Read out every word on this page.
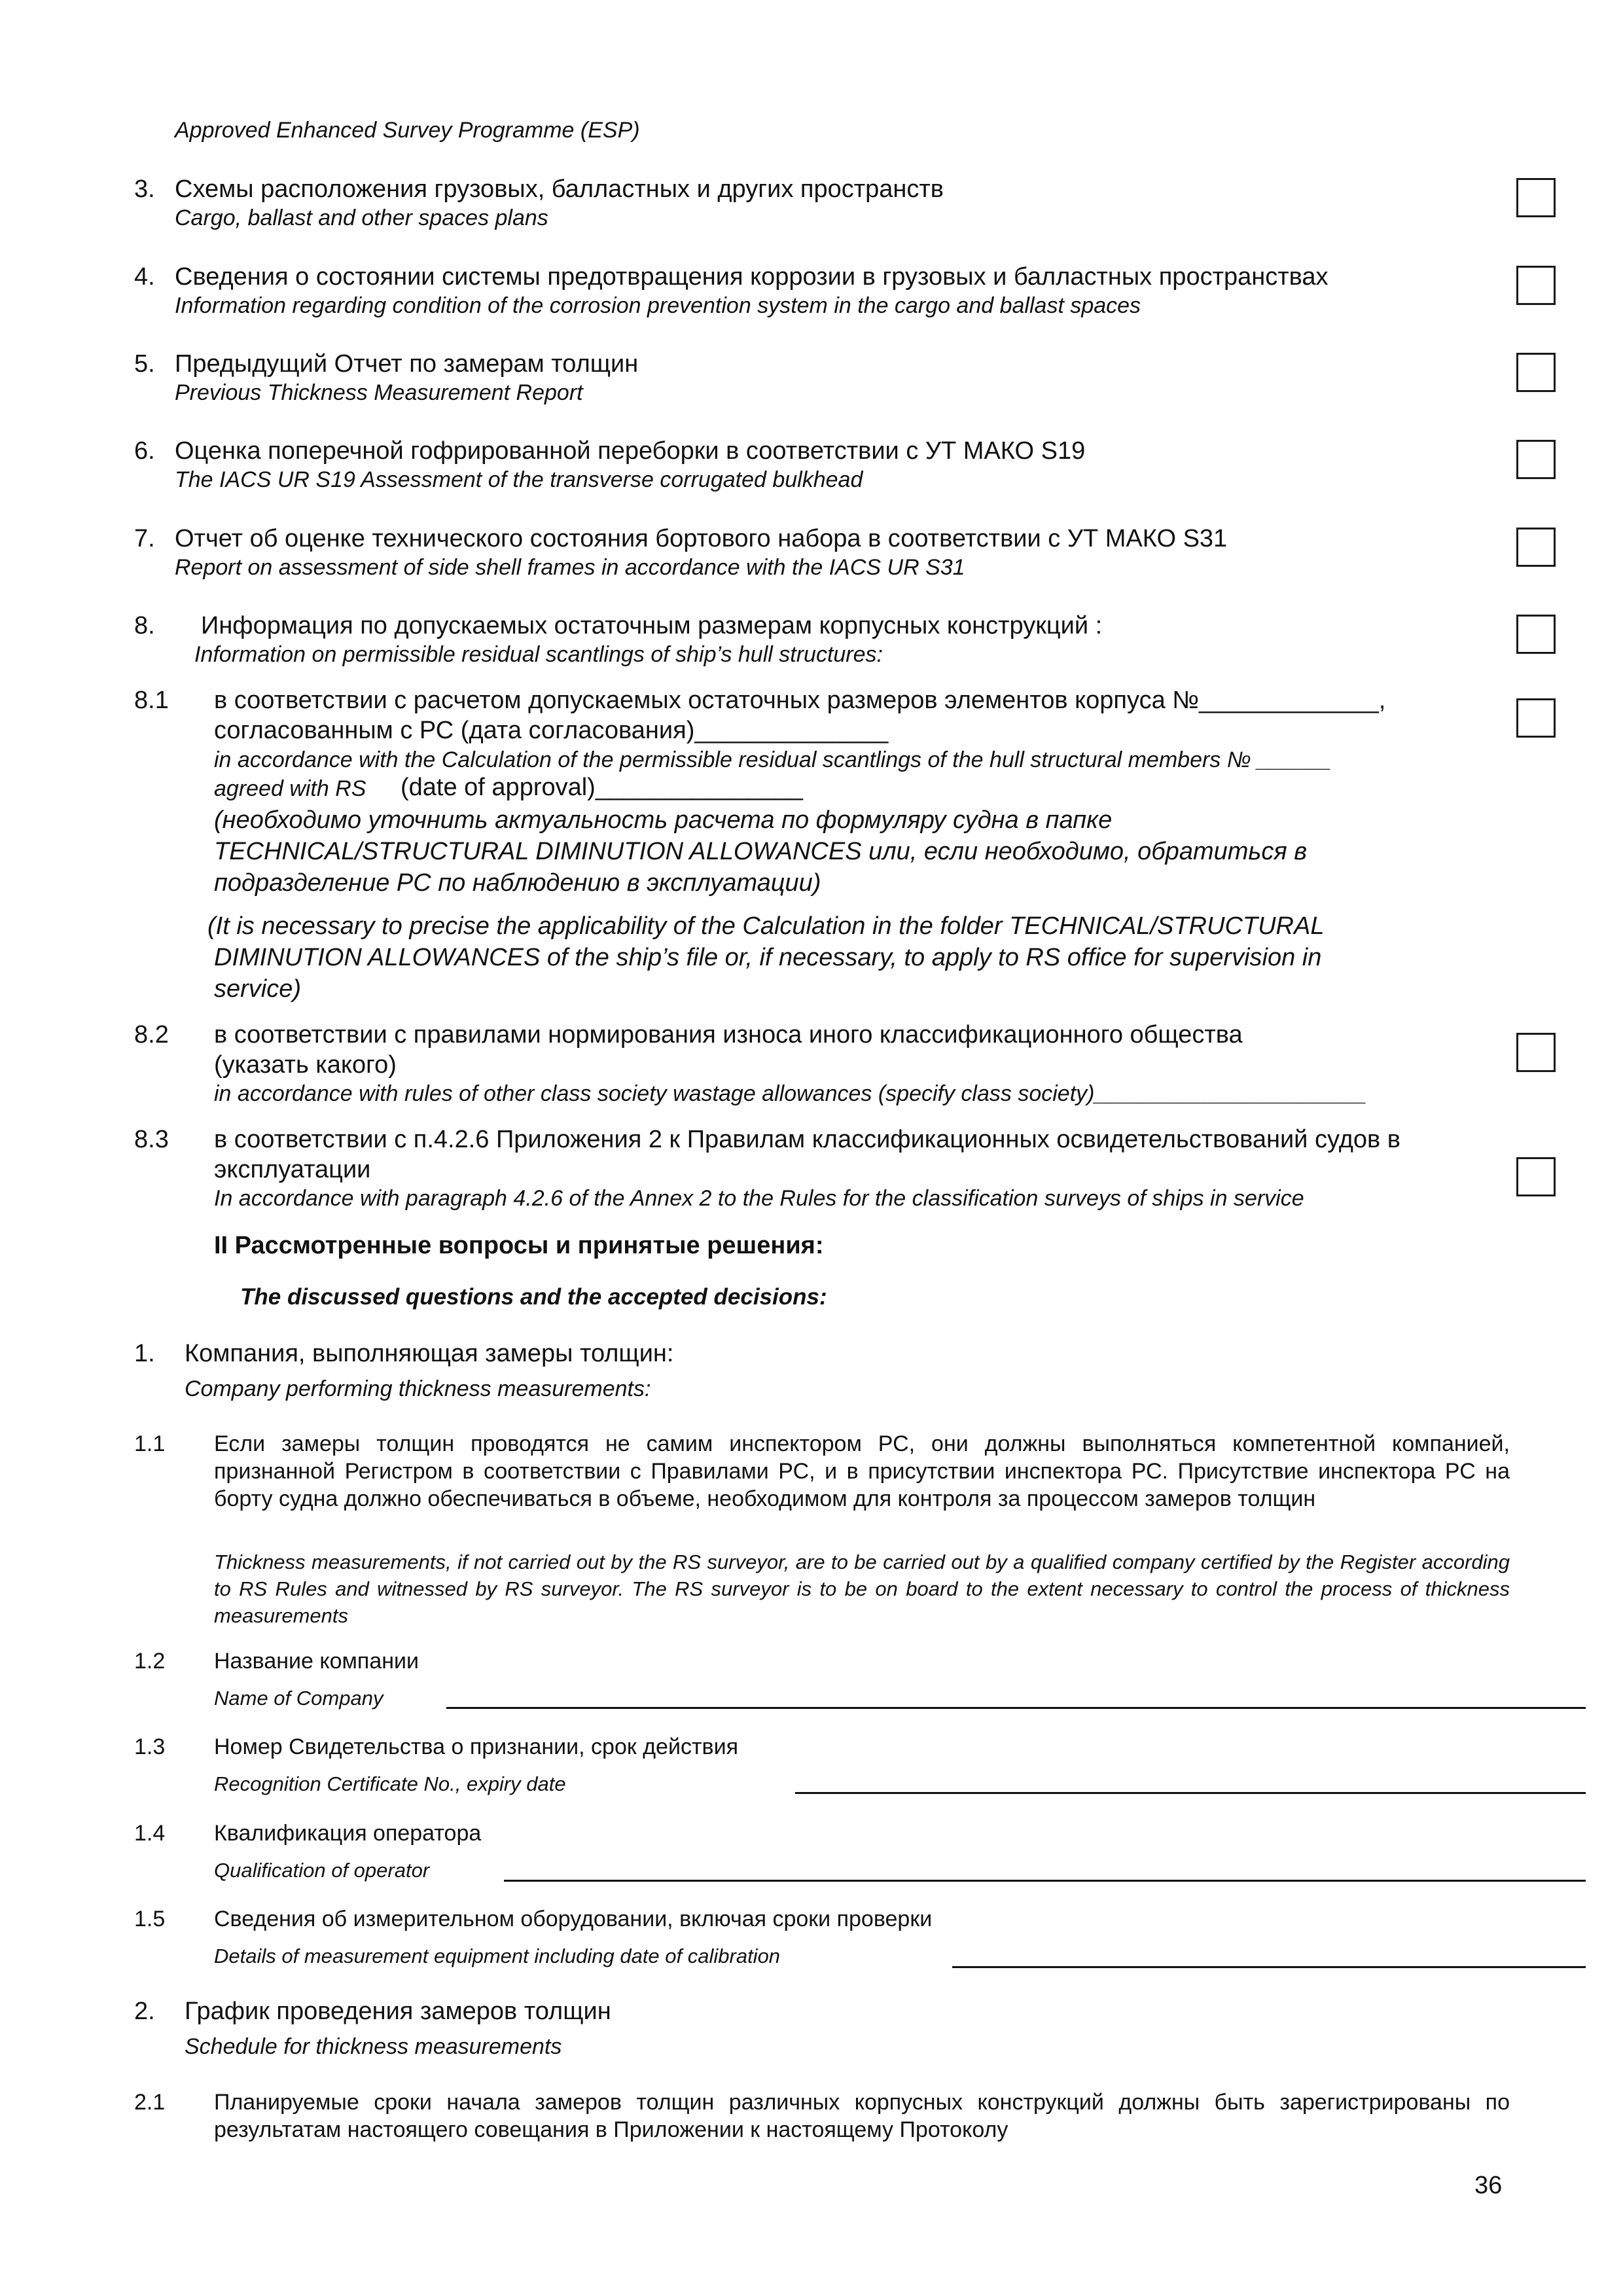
Approved Enhanced Survey Programme (ESP)
3. Схемы расположения грузовых, балластных и других пространств
Cargo, ballast and other spaces plans
4. Сведения о состоянии системы предотвращения коррозии в грузовых и балластных пространствах
Information regarding condition of the corrosion prevention system in the cargo and ballast spaces
5. Предыдущий Отчет по замерам толщин
Previous Thickness Measurement Report
6. Оценка поперечной гофрированной переборки в соответствии с УТ МАКО S19
The IACS UR S19 Assessment of the transverse corrugated bulkhead
7. Отчет об оценке технического состояния бортового набора в соответствии с УТ МАКО S31
Report on assessment of side shell frames in accordance with the IACS UR S31
8. Информация по допускаемых остаточным размерам корпусных конструкций :
Information on permissible residual scantlings of ship’s hull structures:
8.1 в соответствии с расчетом допускаемых остаточных размеров элементов корпуса №_____________,
согласованным с РС (дата согласования)______________
in accordance with the Calculation of the permissible residual scantlings of the hull structural members № ______
agreed with RS (date of approval)_______________
(необходимо уточнить актуальность расчета по формуляру судна в папке
TECHNICAL/STRUCTURAL DIMINUTION ALLOWANCES или, если необходимо, обратиться в
подразделение РС по наблюдению в эксплуатации)
(It is necessary to precise the applicability of the Calculation in the folder TECHNICAL/STRUCTURAL
DIMINUTION ALLOWANCES of the ship’s file or, if necessary, to apply to RS office for supervision in
service)
8.2 в соответствии с правилами нормирования износа иного классификационного общества
(указать какого)
in accordance with rules of other class society wastage allowances (specify class society)______________________
8.3 в соответствии с п.4.2.6 Приложения 2 к Правилам классификационных освидетельствований судов в
эксплуатации
In accordance with paragraph 4.2.6 of the Annex 2 to the Rules for the classification surveys of ships in service
II Рассмотренные вопросы и принятые решения:
The discussed questions and the accepted decisions:
1. Компания, выполняющая замеры толщин:
Company performing thickness measurements:
1.1 Если замеры толщин проводятся не самим инспектором РС, они должны выполняться компетентной компанией, признанной Регистром в соответствии с Правилами РС, и в присутствии инспектора РС. Присутствие инспектора РС на борту судна должно обеспечиваться в объеме, необходимом для контроля за процессом замеров толщин
Thickness measurements, if not carried out by the RS surveyor, are to be carried out by a qualified company certified by the Register according to RS Rules and witnessed by RS surveyor. The RS surveyor is to be on board to the extent necessary to control the process of thickness measurements
1.2 Название компании
Name of Company
1.3 Номер Свидетельства о признании, срок действия
Recognition Certificate No., expiry date
1.4 Квалификация оператора
Qualification of operator
1.5 Сведения об измерительном оборудовании, включая сроки проверки
Details of measurement equipment including date of calibration
2. График проведения замеров толщин
Schedule for thickness measurements
2.1 Планируемые сроки начала замеров толщин различных корпусных конструкций должны быть зарегистрированы по результатам настоящего совещания в Приложении к настоящему Протоколу
36
